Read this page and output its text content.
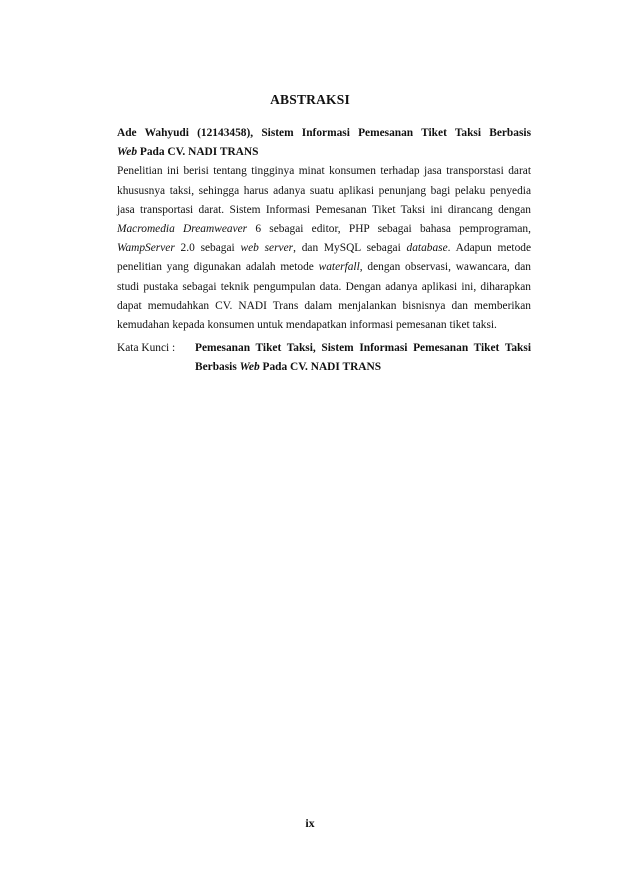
ABSTRAKSI
Ade Wahyudi (12143458), Sistem Informasi Pemesanan Tiket Taksi Berbasis
Web Pada CV. NADI TRANS

Penelitian ini berisi tentang tingginya minat konsumen terhadap jasa transporstasi darat khususnya taksi, sehingga harus adanya suatu aplikasi penunjang bagi pelaku penyedia jasa transportasi darat. Sistem Informasi Pemesanan Tiket Taksi ini dirancang dengan Macromedia Dreamweaver 6 sebagai editor, PHP sebagai bahasa pemprograman, WampServer 2.0 sebagai web server, dan MySQL sebagai database. Adapun metode penelitian yang digunakan adalah metode waterfall, dengan observasi, wawancara, dan studi pustaka sebagai teknik pengumpulan data. Dengan adanya aplikasi ini, diharapkan dapat memudahkan CV. NADI Trans dalam menjalankan bisnisnya dan memberikan kemudahan kepada konsumen untuk mendapatkan informasi pemesanan tiket taksi.

Kata Kunci :	Pemesanan Tiket Taksi, Sistem Informasi Pemesanan Tiket Taksi Berbasis Web Pada CV. NADI TRANS
ix
